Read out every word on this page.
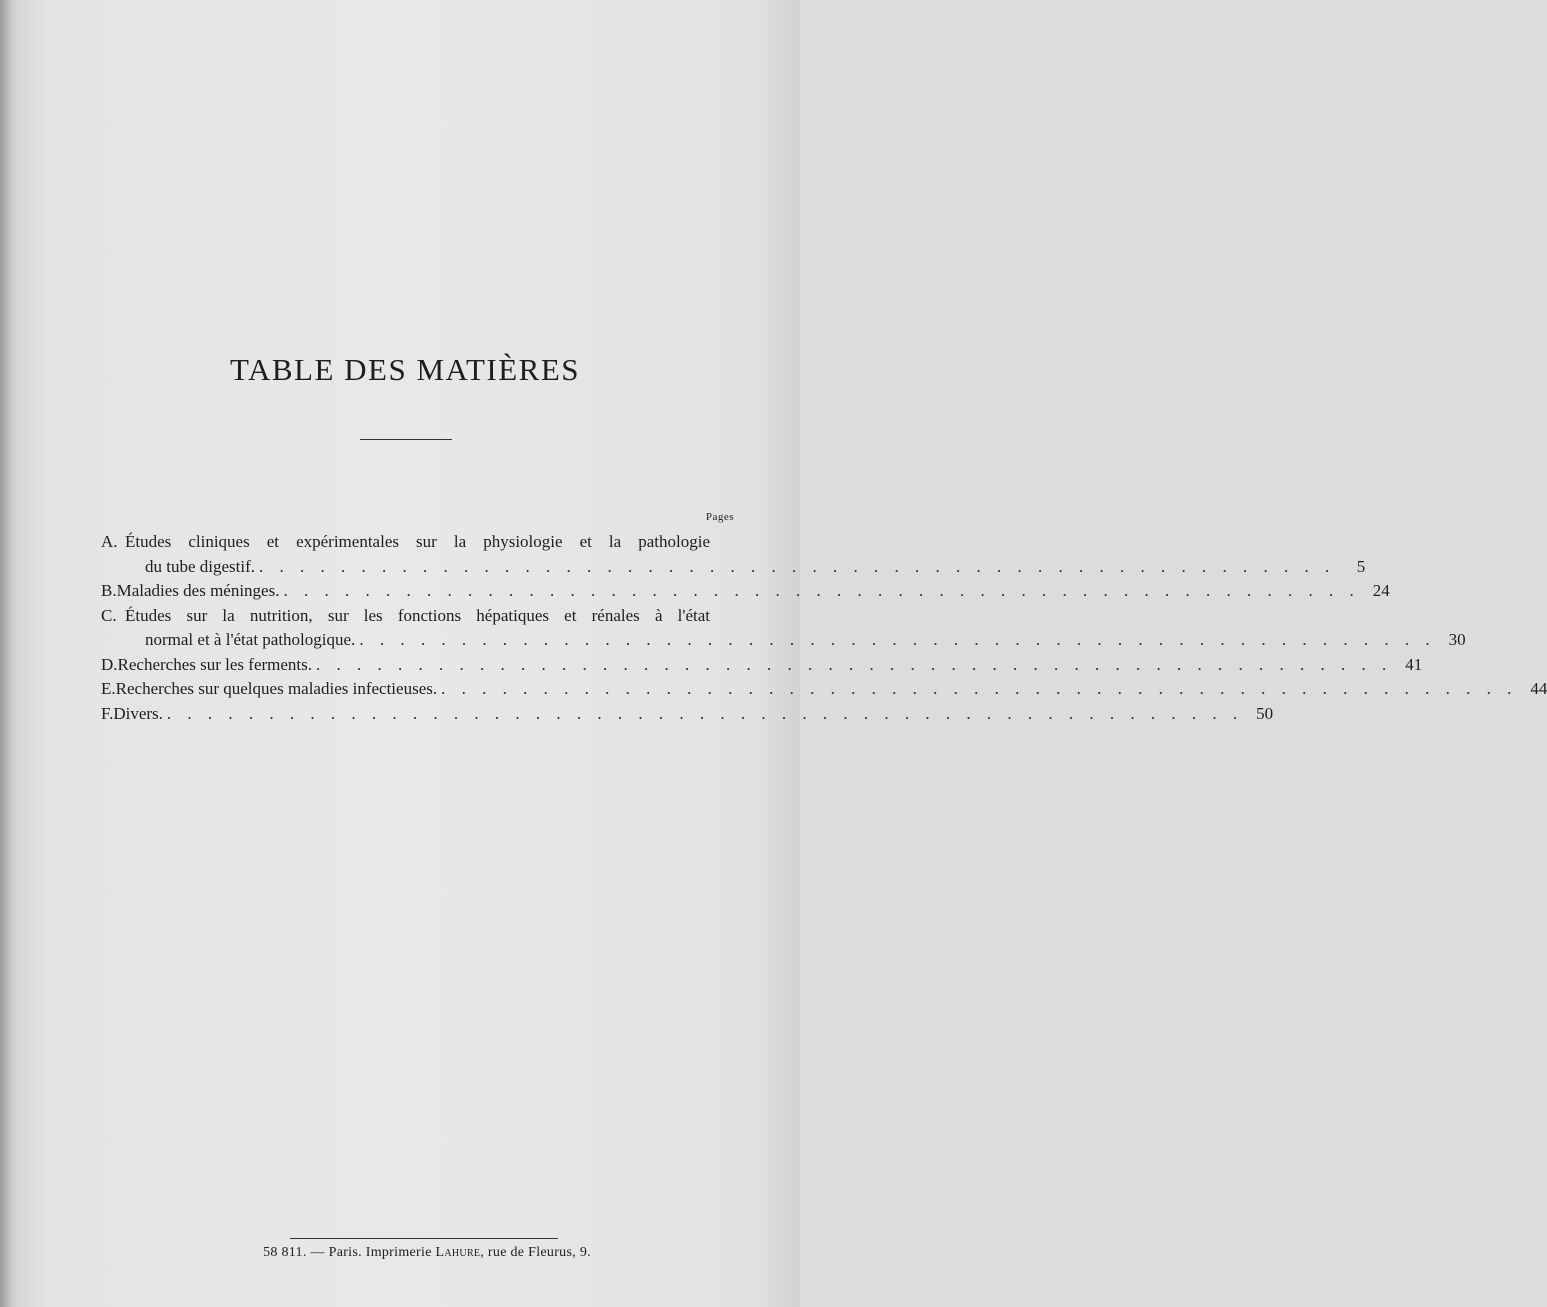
TABLE DES MATIÈRES
Pages
A. Études cliniques et expérimentales sur la physiologie et la pathologie
du tube digestif. . . . . . . . . . . . . . . . . . . . . . . . . . . . . . . . . . . . . . . . . . . . . . . . . . . . . .	5
B. Maladies des méninges. . . . . . . . . . . . . . . . . . . . . . . . . . . . . . . . . . . . . . . . . . . . . . . . . . . . . . 24
C. Études sur la nutrition, sur les fonctions hépatiques et rénales à l'état
normal et à l'état pathologique. . . . . . . . . . . . . . . . . . . . . . . . . . . . . . . . . . . . . . . . . . . . . . . . . . . . . . 30
D. Recherches sur les ferments. . . . . . . . . . . . . . . . . . . . . . . . . . . . . . . . . . . . . . . . . . . . . . . . . . . . . . 41
E. Recherches sur quelques maladies infectieuses. . . . . . . . . . . . . . . . . . . . . . . . . . . . . . . . . . . . . . . . . . . . . . . . . . . . . . 44
F. Divers. . . . . . . . . . . . . . . . . . . . . . . . . . . . . . . . . . . . . . . . . . . . . . . . . . . . . . 50
58 811. — Paris. Imprimerie Lahure, rue de Fleurus, 9.
